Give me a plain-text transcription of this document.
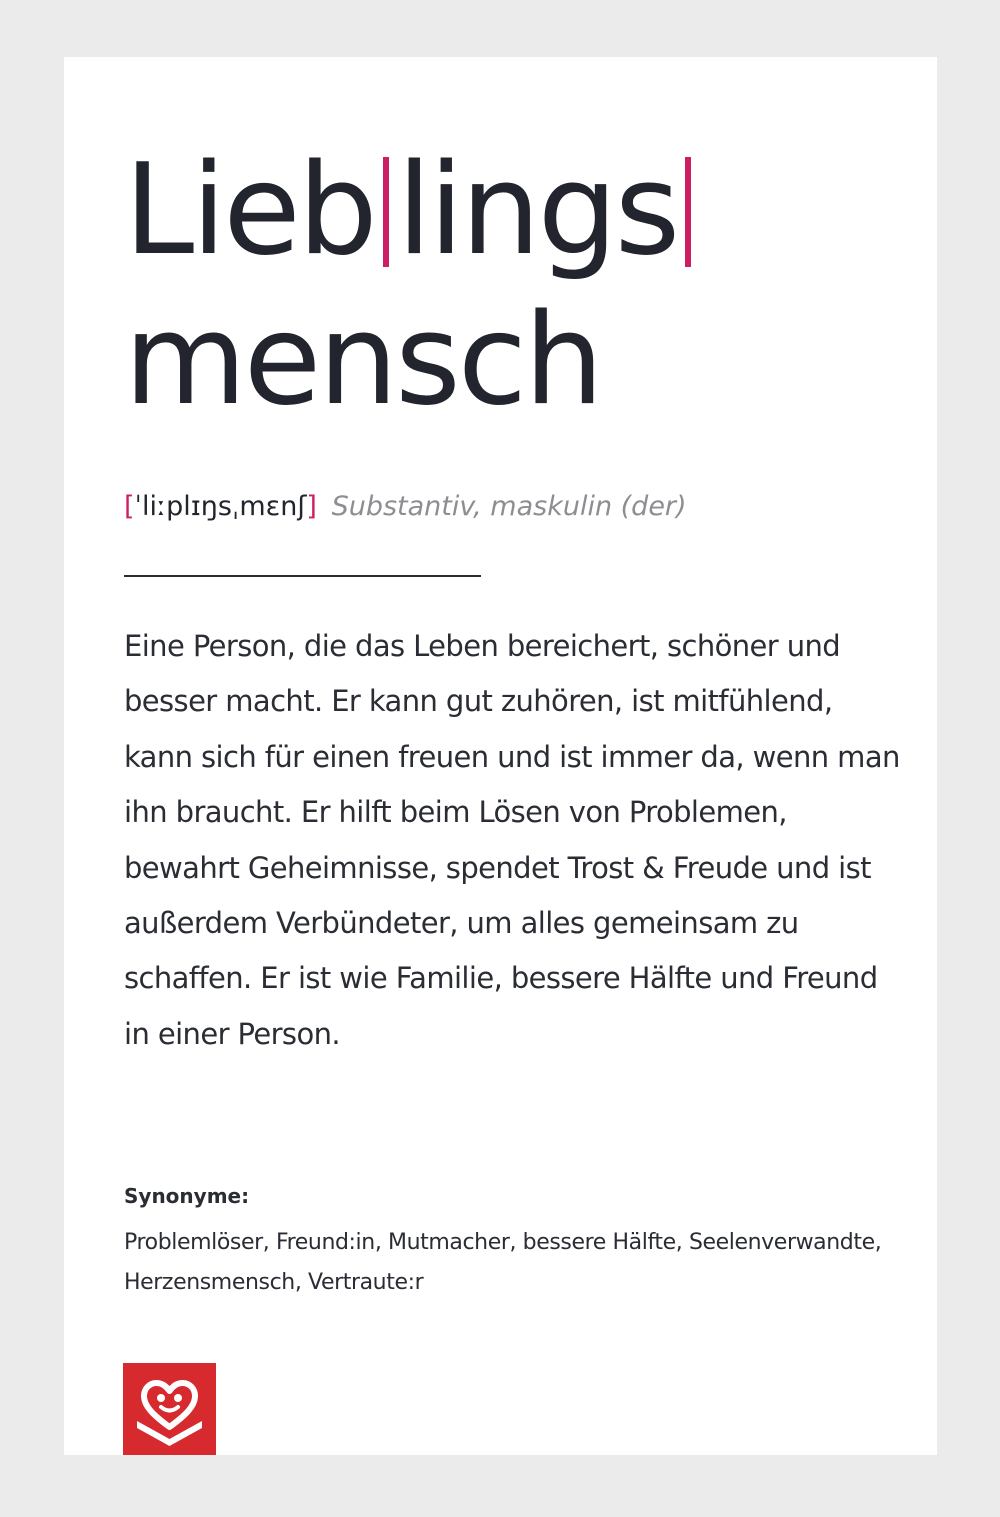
Lieb lings
mensch
[ˈliːplɪŋsˌmɛnʃ] Substantiv, maskulin (der)

Eine Person, die das Leben bereichert, schöner und besser macht. Er kann gut zuhören, ist mitfühlend, kann sich für einen freuen und ist immer da, wenn man ihn braucht. Er hilft beim Lösen von Problemen, bewahrt Geheimnisse, spendet Trost & Freude und ist außerdem Verbündeter, um alles gemeinsam zu schaffen. Er ist wie Familie, bessere Hälfte und Freund in einer Person.

Synonyme:

Problemlöser, Freund:in, Mutmacher, bessere Hälfte, Seelenverwandte, Herzensmensch, Vertraute:r
